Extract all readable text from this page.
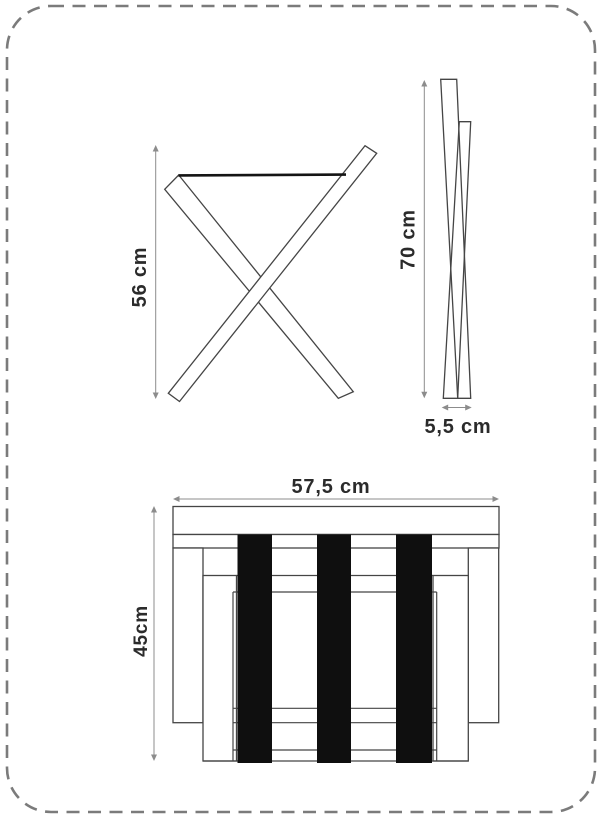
56 cm
70 cm
5,5 cm
57,5 cm
45cm
